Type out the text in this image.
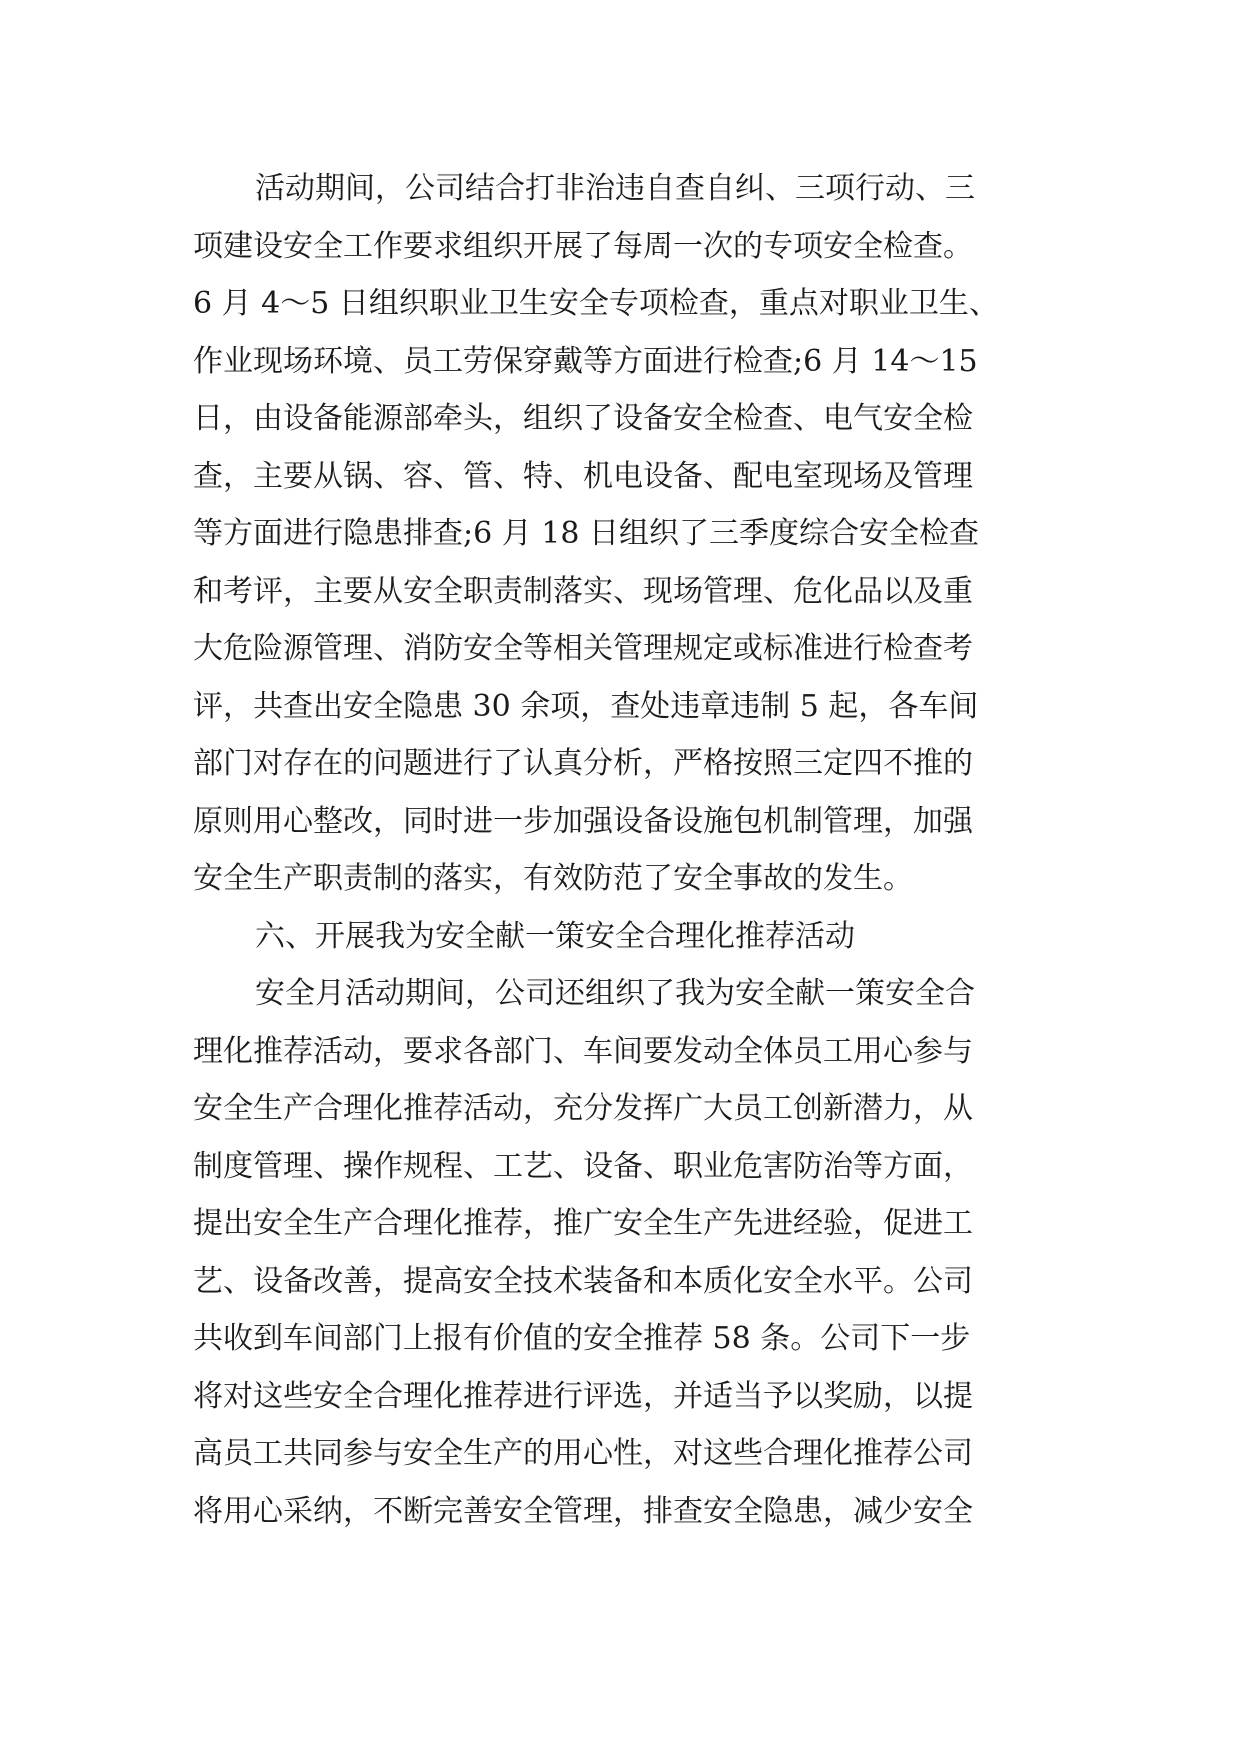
活动期间，公司结合打非治违自查自纠、三项行动、三
项建设安全工作要求组织开展了每周一次的专项安全检查。
6 月 4～5 日组织职业卫生安全专项检查，重点对职业卫生、
作业现场环境、员工劳保穿戴等方面进行检查;6 月 14～15
日，由设备能源部牵头，组织了设备安全检查、电气安全检
查，主要从锅、容、管、特、机电设备、配电室现场及管理
等方面进行隐患排查;6 月 18 日组织了三季度综合安全检查
和考评，主要从安全职责制落实、现场管理、危化品以及重
大危险源管理、消防安全等相关管理规定或标准进行检查考
评，共查出安全隐患 30 余项，查处违章违制 5 起，各车间
部门对存在的问题进行了认真分析，严格按照三定四不推的
原则用心整改，同时进一步加强设备设施包机制管理，加强
安全生产职责制的落实，有效防范了安全事故的发生。
六、开展我为安全献一策安全合理化推荐活动
安全月活动期间，公司还组织了我为安全献一策安全合
理化推荐活动，要求各部门、车间要发动全体员工用心参与
安全生产合理化推荐活动，充分发挥广大员工创新潜力，从
制度管理、操作规程、工艺、设备、职业危害防治等方面，
提出安全生产合理化推荐，推广安全生产先进经验，促进工
艺、设备改善，提高安全技术装备和本质化安全水平。公司
共收到车间部门上报有价值的安全推荐 58 条。公司下一步
将对这些安全合理化推荐进行评选，并适当予以奖励，以提
高员工共同参与安全生产的用心性，对这些合理化推荐公司
将用心采纳，不断完善安全管理，排查安全隐患，减少安全
